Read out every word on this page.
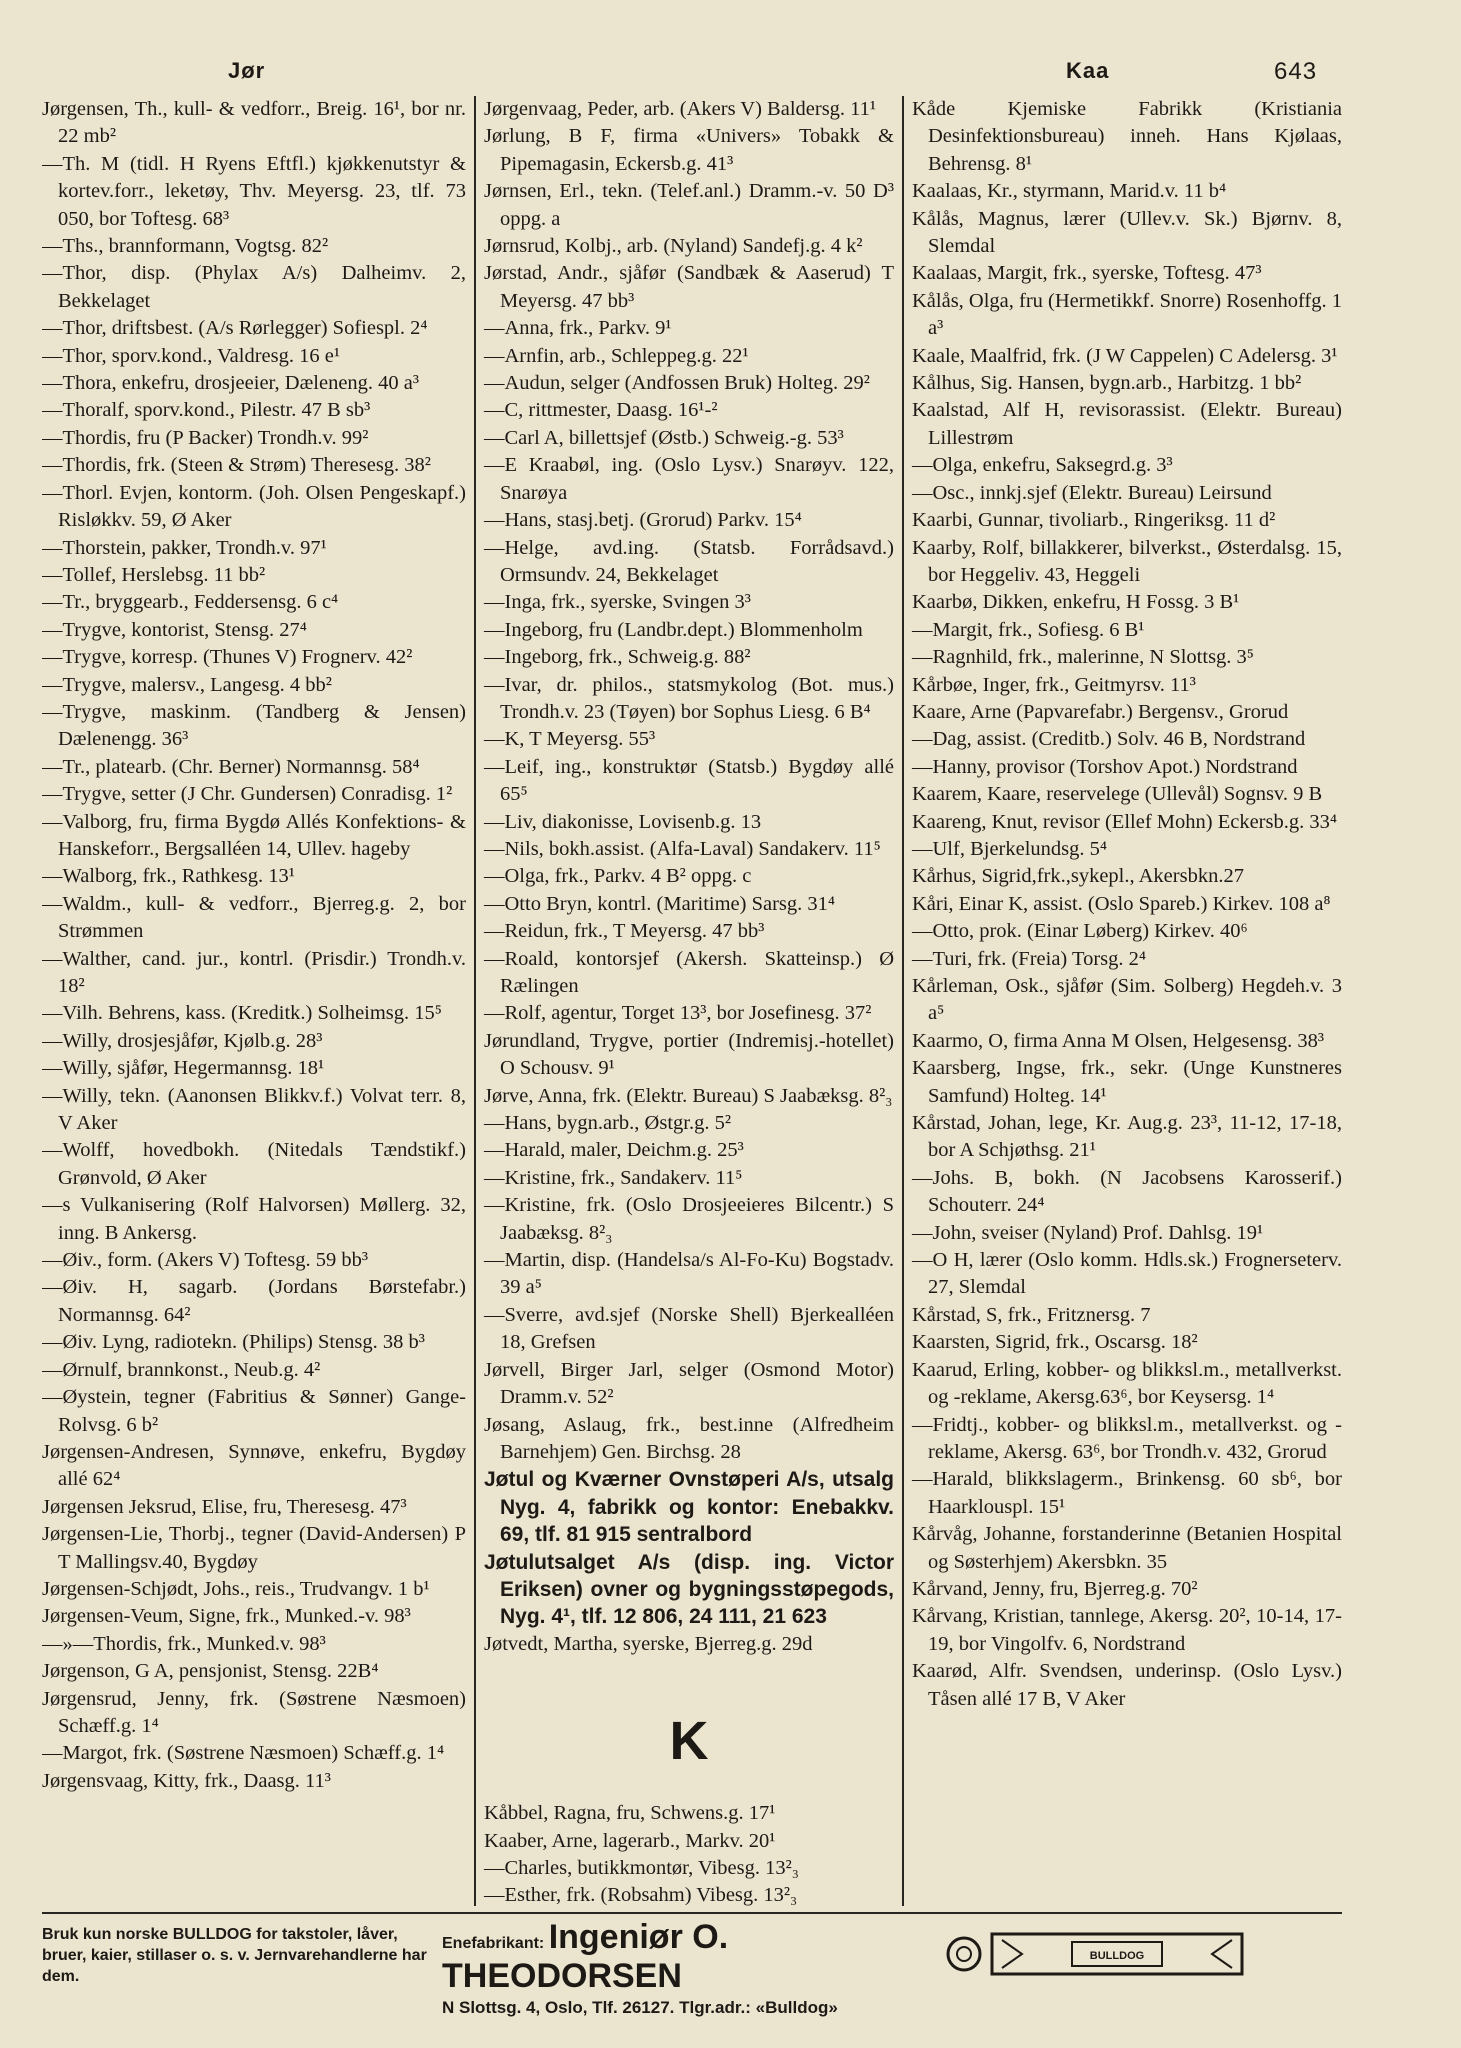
Jør	Kaa	643

Jørgensen, Th., kull- & vedforr., Breig. 16¹, bor nr. 22 mb²

—Th. M (tidl. H Ryens Eftfl.) kjøkkenutstyr & kortev.forr., leketøy, Thv. Meyersg. 23, tlf. 73 050, bor Toftesg. 68³

—Ths., brannformann, Vogtsg. 82²

—Thor, disp. (Phylax A/s) Dalheimv. 2, Bekkelaget

—Thor, driftsbest. (A/s Rørlegger) Sofiespl. 2⁴

—Thor, sporv.kond., Valdresg. 16 e¹

—Thora, enkefru, drosjeeier, Dæleneng. 40 a³

—Thoralf, sporv.kond., Pilestr. 47 B sb³

—Thordis, fru (P Backer) Trondh.v. 99²

—Thordis, frk. (Steen & Strøm) Theresesg. 38²

—Thorl. Evjen, kontorm. (Joh. Olsen Pengeskapf.) Risløkkv. 59, Ø Aker

—Thorstein, pakker, Trondh.v. 97¹

—Tollef, Herslebsg. 11 bb²

—Tr., bryggearb., Feddersensg. 6 c⁴

—Trygve, kontorist, Stensg. 27⁴

—Trygve, korresp. (Thunes V) Frognerv. 42²

—Trygve, malersv., Langesg. 4 bb²

—Trygve, maskinm. (Tandberg & Jensen) Dælenengg. 36³

—Tr., platearb. (Chr. Berner) Normannsg. 58⁴

—Trygve, setter (J Chr. Gundersen) Conradisg. 1²

—Valborg, fru, firma Bygdø Allés Konfektions- & Hanskeforr., Bergsalléen 14, Ullev. hageby

—Walborg, frk., Rathkesg. 13¹

—Waldm., kull- & vedforr., Bjerreg.g. 2, bor Strømmen

—Walther, cand. jur., kontrl. (Prisdir.) Trondh.v. 18²

—Vilh. Behrens, kass. (Kreditk.) Solheimsg. 15⁵

—Willy, drosjesjåfør, Kjølb.g. 28³

—Willy, sjåfør, Hegermannsg. 18¹

—Willy, tekn. (Aanonsen Blikkv.f.) Volvat terr. 8, V Aker

—Wolff, hovedbokh. (Nitedals Tændstikf.) Grønvold, Ø Aker

—s Vulkanisering (Rolf Halvorsen) Møllerg. 32, inng. B Ankersg.

—Øiv., form. (Akers V) Toftesg. 59 bb³

—Øiv. H, sagarb. (Jordans Børstefabr.) Normannsg. 64²

—Øiv. Lyng, radiotekn. (Philips) Stensg. 38 b³

—Ørnulf, brannkonst., Neub.g. 4²

—Øystein, tegner (Fabritius & Sønner) Gange-Rolvsg. 6 b²

Jørgensen-Andresen, Synnøve, enkefru, Bygdøy allé 62⁴

Jørgensen Jeksrud, Elise, fru, Theresesg. 47³

Jørgensen-Lie, Thorbj., tegner (David-Andersen) P T Mallingsv.40, Bygdøy

Jørgensen-Schjødt, Johs., reis., Trudvangv. 1 b¹

Jørgensen-Veum, Signe, frk., Munked.-v. 98³

—»—Thordis, frk., Munked.v. 98³

Jørgenson, G A, pensjonist, Stensg. 22B⁴

Jørgensrud, Jenny, frk. (Søstrene Næsmoen) Schæff.g. 1⁴

—Margot, frk. (Søstrene Næsmoen) Schæff.g. 1⁴

Jørgensvaag, Kitty, frk., Daasg. 11³

Jørgenvaag, Peder, arb. (Akers V) Baldersg. 11¹

Jørlung, B F, firma «Univers» Tobakk & Pipemagasin, Eckersb.g. 41³

Jørnsen, Erl., tekn. (Telef.anl.) Dramm.-v. 50 D³ oppg. a

Jørnsrud, Kolbj., arb. (Nyland) Sandefj.g. 4 k²

Jørstad, Andr., sjåfør (Sandbæk & Aaserud) T Meyersg. 47 bb³

—Anna, frk., Parkv. 9¹

—Arnfin, arb., Schleppeg.g. 22¹

—Audun, selger (Andfossen Bruk) Holteg. 29²

—C, rittmester, Daasg. 16¹-²

—Carl A, billettsjef (Østb.) Schweig.-g. 53³

—E Kraabøl, ing. (Oslo Lysv.) Snarøyv. 122, Snarøya

—Hans, stasj.betj. (Grorud) Parkv. 15⁴

—Helge, avd.ing. (Statsb. Forrådsavd.) Ormsundv. 24, Bekkelaget

—Inga, frk., syerske, Svingen 3³

—Ingeborg, fru (Landbr.dept.) Blommenholm

—Ingeborg, frk., Schweig.g. 88²

—Ivar, dr. philos., statsmykolog (Bot. mus.) Trondh.v. 23 (Tøyen) bor Sophus Liesg. 6 B⁴

—K, T Meyersg. 55³

—Leif, ing., konstruktør (Statsb.) Bygdøy allé 65⁵

—Liv, diakonisse, Lovisenb.g. 13

—Nils, bokh.assist. (Alfa-Laval) Sandakerv. 11⁵

—Olga, frk., Parkv. 4 B² oppg. c

—Otto Bryn, kontrl. (Maritime) Sarsg. 31⁴

—Reidun, frk., T Meyersg. 47 bb³

—Roald, kontorsjef (Akersh. Skatteinsp.) Ø Rælingen

—Rolf, agentur, Torget 13³, bor Josefinesg. 37²

Jørundland, Trygve, portier (Indremisj.-hotellet) O Schousv. 9¹

Jørve, Anna, frk. (Elektr. Bureau) S Jaabæksg. 8²₃

—Hans, bygn.arb., Østgr.g. 5²

—Harald, maler, Deichm.g. 25³

—Kristine, frk., Sandakerv. 11⁵

—Kristine, frk. (Oslo Drosjeeieres Bilcentr.) S Jaabæksg. 8²₃

—Martin, disp. (Handelsa/s Al-Fo-Ku) Bogstadv. 39 a⁵

—Sverre, avd.sjef (Norske Shell) Bjerkealléen 18, Grefsen

Jørvell, Birger Jarl, selger (Osmond Motor) Dramm.v. 52²

Jøsang, Aslaug, frk., best.inne (Alfredheim Barnehjem) Gen. Birchsg. 28

Jøtul og Kværner Ovnstøperi A/s, utsalg Nyg. 4, fabrikk og kontor: Enebakkv. 69, tlf. 81 915 sentralbord

Jøtulutsalget A/s (disp. ing. Victor Eriksen) ovner og bygningsstøpegods, Nyg. 4¹, tlf. 12 806, 24 111, 21 623

Jøtvedt, Martha, syerske, Bjerreg.g. 29d

K

Kåbbel, Ragna, fru, Schwens.g. 17¹

Kaaber, Arne, lagerarb., Markv. 20¹

—Charles, butikkmontør, Vibesg. 13²₃

—Esther, frk. (Robsahm) Vibesg. 13²₃

Kåde Kjemiske Fabrikk (Kristiania Desinfektionsbureau) inneh. Hans Kjølaas, Behrensg. 8¹

Kaalaas, Kr., styrmann, Marid.v. 11 b⁴

Kålås, Magnus, lærer (Ullev.v. Sk.) Bjørnv. 8, Slemdal

Kaalaas, Margit, frk., syerske, Toftesg. 47³

Kålås, Olga, fru (Hermetikkf. Snorre) Rosenhoffg. 1 a³

Kaale, Maalfrid, frk. (J W Cappelen) C Adelersg. 3¹

Kålhus, Sig. Hansen, bygn.arb., Harbitzg. 1 bb²

Kaalstad, Alf H, revisorassist. (Elektr. Bureau) Lillestrøm

—Olga, enkefru, Saksegrd.g. 3³

—Osc., innkj.sjef (Elektr. Bureau) Leirsund

Kaarbi, Gunnar, tivoliarb., Ringeriksg. 11 d²

Kaarby, Rolf, billakkerer, bilverkst., Østerdalsg. 15, bor Heggeliv. 43, Heggeli

Kaarbø, Dikken, enkefru, H Fossg. 3 B¹

—Margit, frk., Sofiesg. 6 B¹

—Ragnhild, frk., malerinne, N Slottsg. 3⁵

Kårbøe, Inger, frk., Geitmyrsv. 11³

Kaare, Arne (Papvarefabr.) Bergensv., Grorud

—Dag, assist. (Creditb.) Solv. 46 B, Nordstrand

—Hanny, provisor (Torshov Apot.) Nordstrand

Kaarem, Kaare, reservelege (Ullevål) Sognsv. 9 B

Kaareng, Knut, revisor (Ellef Mohn) Eckersb.g. 33⁴

—Ulf, Bjerkelundsg. 5⁴

Kårhus, Sigrid,frk.,sykepl., Akersbkn.27

Kåri, Einar K, assist. (Oslo Spareb.) Kirkev. 108 a⁸

—Otto, prok. (Einar Løberg) Kirkev. 40⁶

—Turi, frk. (Freia) Torsg. 2⁴

Kårleman, Osk., sjåfør (Sim. Solberg) Hegdeh.v. 3 a⁵

Kaarmo, O, firma Anna M Olsen, Helgesensg. 38³

Kaarsberg, Ingse, frk., sekr. (Unge Kunstneres Samfund) Holteg. 14¹

Kårstad, Johan, lege, Kr. Aug.g. 23³, 11-12, 17-18, bor A Schjøthsg. 21¹

—Johs. B, bokh. (N Jacobsens Karosserif.) Schouterr. 24⁴

—John, sveiser (Nyland) Prof. Dahlsg. 19¹

—O H, lærer (Oslo komm. Hdls.sk.) Frognerseterv. 27, Slemdal

Kårstad, S, frk., Fritznersg. 7

Kaarsten, Sigrid, frk., Oscarsg. 18²

Kaarud, Erling, kobber- og blikksl.m., metallverkst. og -reklame, Akersg.63⁶, bor Keysersg. 1⁴

—Fridtj., kobber- og blikksl.m., metallverkst. og -reklame, Akersg. 63⁶, bor Trondh.v. 432, Grorud

—Harald, blikkslagerm., Brinkensg. 60 sb⁶, bor Haarklouspl. 15¹

Kårvåg, Johanne, forstanderinne (Betanien Hospital og Søsterhjem) Akersbkn. 35

Kårvand, Jenny, fru, Bjerreg.g. 70²

Kårvang, Kristian, tannlege, Akersg. 20², 10-14, 17-19, bor Vingolfv. 6, Nordstrand

Kaarød, Alfr. Svendsen, underinsp. (Oslo Lysv.) Tåsen allé 17 B, V Aker

Bruk kun norske BULLDOG for takstoler, låver, bruer, kaier, stillaser o. s. v. Jernvarehandlerne har dem.
Enefabrikant: Ingeniør O. THEODORSEN
N Slottsg. 4, Oslo, Tlf. 26127. Tlgr.adr.: «Bulldog»
BULLDOG
